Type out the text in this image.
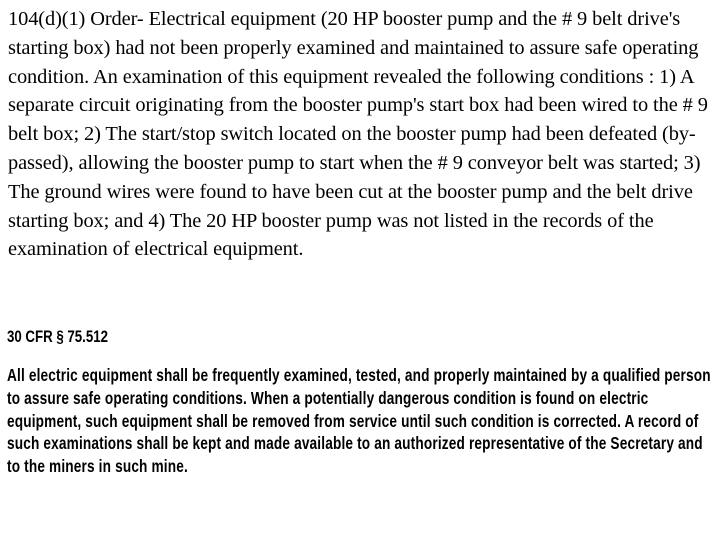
104(d)(1) Order- Electrical equipment (20 HP booster pump and the # 9 belt drive's starting box) had not been properly examined and maintained to assure safe operating condition. An examination of this equipment revealed the following conditions : 1) A separate circuit originating from the booster pump's start box had been wired to the # 9 belt box; 2) The start/stop switch located on the booster pump had been defeated (by-passed), allowing the booster pump to start when the # 9 conveyor belt was started; 3) The ground wires were found to have been cut at the booster pump and the belt drive starting box; and 4) The 20 HP booster pump was not listed in the records of the examination of electrical equipment.

30 CFR § 75.512

All electric equipment shall be frequently examined, tested, and properly maintained by a qualified person to assure safe operating conditions. When a potentially dangerous condition is found on electric equipment, such equipment shall be removed from service until such condition is corrected. A record of such examinations shall be kept and made available to an authorized representative of the Secretary and to the miners in such mine.
